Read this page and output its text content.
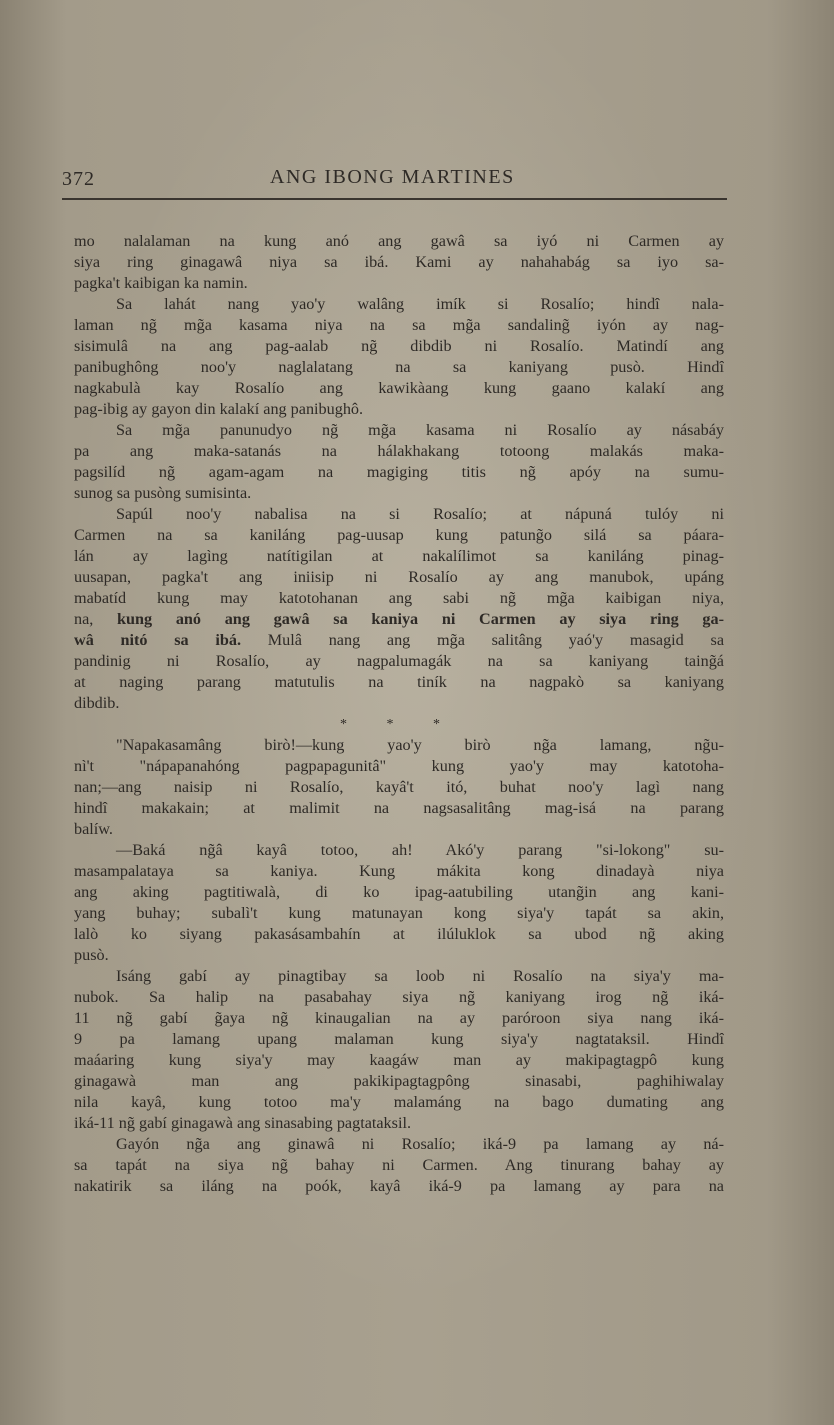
372	ANG IBONG MARTINES
mo nalalaman na kung anó ang gawâ sa iyó ni Carmen ay
siya ring ginagawâ niya sa ibá. Kami ay nahahabág sa iyo sa-
pagka't kaibigan ka namin.
Sa lahát nang yao'y walâng imík si Rosalío; hindî nala-
laman ng̃ mg̃a kasama niya na sa mg̃a sandaling̃ iyón ay nag-
sisimulâ na ang pag-aalab ng̃ dibdib ni Rosalío. Matindí ang
panibughông noo'y naglalatang na sa kaniyang pusò. Hindî
nagkabulà kay Rosalío ang kawikàang kung gaano kalakí ang
pag-ibig ay gayon din kalakí ang panibughô.
Sa mg̃a panunudyo ng̃ mg̃a kasama ni Rosalío ay násabáy
pa ang maka-satanás na hálakhakang totoong malakás maka-
pagsilíd ng̃ agam-agam na magiging titis ng̃ apóy na sumu-
sunog sa pusòng sumisinta.
Sapúl noo'y nabalisa na si Rosalío; at nápuná tulóy ni
Carmen na sa kaniláng pag-uusap kung patung̃o silá sa páara-
lán ay lagìng natítigilan at nakalílimot sa kaniláng pinag-
uusapan, pagka't ang iniisip ni Rosalío ay ang manubok, upáng
mabatíd kung may katotohanan ang sabi ng̃ mg̃a kaibigan niya,
na, kung anó ang gawâ sa kaniya ni Carmen ay siya ring ga-
wâ nitó sa ibá. Mulâ nang ang mg̃a salitâng yaó'y masagid sa
pandinig ni Rosalío, ay nagpalumagák na sa kaniyang taing̃á
at naging parang matutulis na tiník na nagpakò sa kaniyang
dibdib.
* * *
"Napakasamâng birò!—kung yao'y birò ng̃a lamang, ng̃u-
nì't "nápapanahóng pagpapagunitâ" kung yao'y may katotoha-
nan;—ang naisip ni Rosalío, kayâ't itó, buhat noo'y lagì nang
hindî makakain; at malimit na nagsasalitâng mag-isá na parang
balíw.
—Baká ng̃â kayâ totoo, ah! Akó'y parang "si-lokong" su-
masampalataya sa kaniya. Kung mákita kong dinadayà niya
ang aking pagtitiwalà, di ko ipag-aatubiling utang̃in ang kani-
yang buhay; subalì't kung matunayan kong siya'y tapát sa akin,
lalò ko siyang pakasásambahín at ilúluklok sa ubod ng̃ aking
pusò.
Isáng gabí ay pinagtibay sa loob ni Rosalío na siya'y ma-
nubok. Sa halip na pasabahay siya ng̃ kaniyang irog ng̃ iká-
11 ng̃ gabí g̃aya ng̃ kinaugalian na ay paróroon siya nang iká-
9 pa lamang upang malaman kung siya'y nagtataksil. Hindî
maáaring kung siya'y may kaagáw man ay makipagtagpô kung
ginagawà man ang pakikipagtagpông sinasabi, paghihiwalay
nila kayâ, kung totoo ma'y malamáng na bago dumating ang
iká-11 ng̃ gabí ginagawà ang sinasabing pagtataksil.
Gayón ng̃a ang ginawâ ni Rosalío; iká-9 pa lamang ay ná-
sa tapát na siya ng̃ bahay ni Carmen. Ang tinurang bahay ay
nakatirik sa iláng na poók, kayâ iká-9 pa lamang ay para na
